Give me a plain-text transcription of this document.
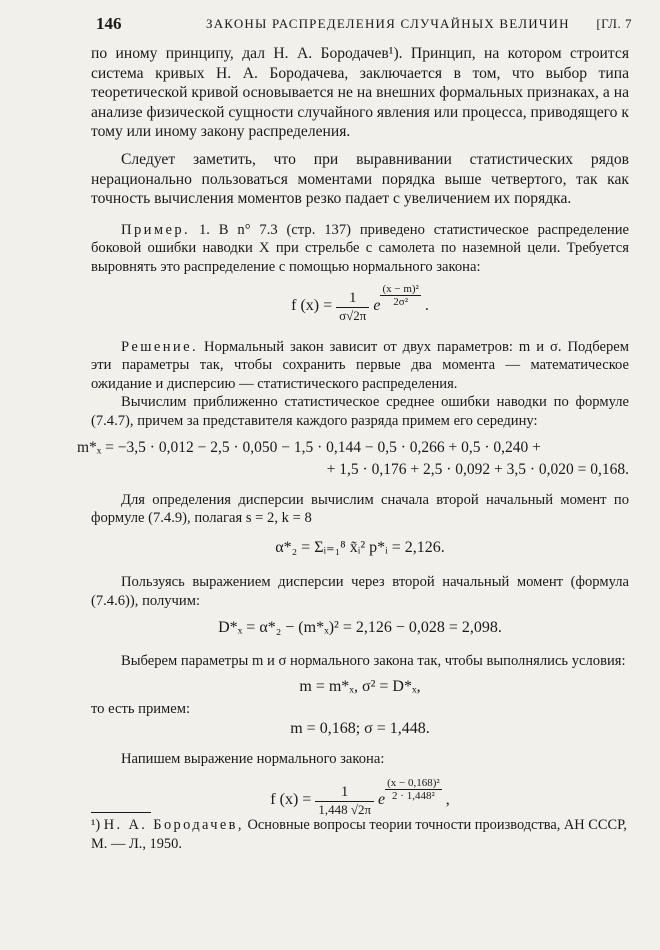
146	ЗАКОНЫ РАСПРЕДЕЛЕНИЯ СЛУЧАЙНЫХ ВЕЛИЧИН [ГЛ. 7

по иному принципу, дал Н. А. Бородачев¹). Принцип, на котором строится система кривых Н. А. Бородачева, заключается в том, что выбор типа теоретической кривой основывается не на внешних формальных признаках, а на анализе физической сущности случайного явления или процесса, приводящего к тому или иному закону распределения.

Следует заметить, что при выравнивании статистических рядов нерационально пользоваться моментами порядка выше четвертого, так как точность вычисления моментов резко падает с увеличением их порядка.

Пример. 1. В n° 7.3 (стр. 137) приведено статистическое распределение боковой ошибки наводки X при стрельбе с самолета по наземной цели. Требуется выровнять это распределение с помощью нормального закона:

f $(x) = \frac{1}{\sigma√2\pi}$ e $\frac{\text{(x − m)²}}{\text{2σ²}}$ .

Решение. Нормальный закон зависит от двух параметров: m и σ. Подберем эти параметры так, чтобы сохранить первые два момента — математическое ожидание и дисперсию — статистического распределения.

Вычислим приближенно статистическое среднее ошибки наводки по формуле (7.4.7), причем за представителя каждого разряда примем его середину:

m*ₓ = −3,5 · 0,012 − 2,5 · 0,050 − 1,5 · 0,144 − 0,5 · 0,266 + 0,5 · 0,240 +
+ 1,5 · 0,176 + 2,5 · 0,092 + 3,5 · 0,020 = 0,168.

Для определения дисперсии вычислим сначала второй начальный момент по формуле (7.4.9), полагая s = 2, k = 8

α*₂ = Σᵢ₌₁⁸ x̃ᵢ² p*ᵢ = 2,126.

Пользуясь выражением дисперсии через второй начальный момент (формула (7.4.6)), получим:

D*ₓ = α*₂ − (m*ₓ)² = 2,126 − 0,028 = 2,098.

Выберем параметры m и σ нормального закона так, чтобы выполнялись условия:

m = m*ₓ, σ² = D*ₓ,

то есть примем:

m = 0,168; σ = 1,448.

Напишем выражение нормального закона:

f $(x) = \frac{1}{1,448 √2\pi}$ e $\frac{\text{(x − 0,168)²}}{\text{2 · 1,448²}}$ ,
¹) Н. А. Бородачев, Основные вопросы теории точности производства, АН СССР, М. — Л., 1950.
